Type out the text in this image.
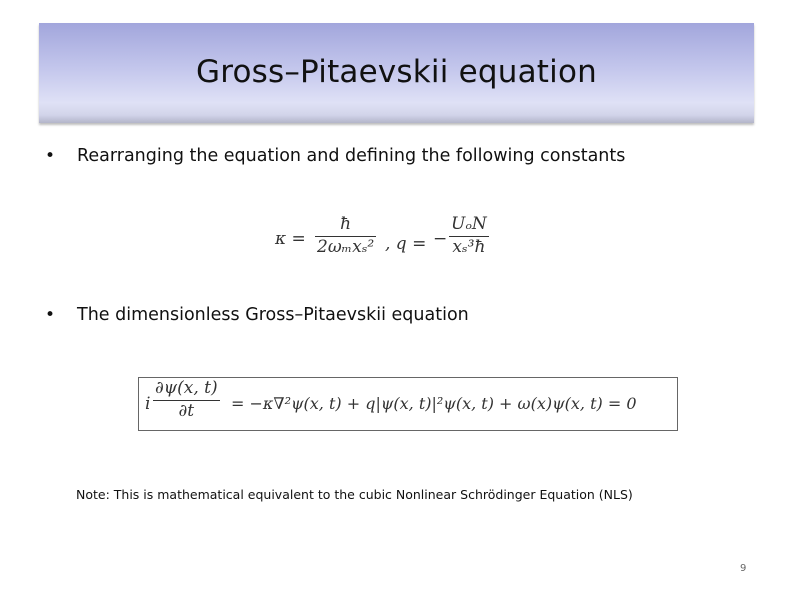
Gross–Pitaevskii equation
•	Rearranging the equation and defining the following constants
κ =
ħ
2ωₘxₛ² , q = −
UₒN
xₛ³ħ
•	The dimensionless Gross–Pitaevskii equation
i
∂ψ(x, t)
∂t = −κ∇²ψ(x, t) + q|ψ(x, t)|²ψ(x, t) + ω(x)ψ(x, t) = 0
Note: This is mathematical equivalent to the cubic Nonlinear Schrödinger Equation (NLS)
9
